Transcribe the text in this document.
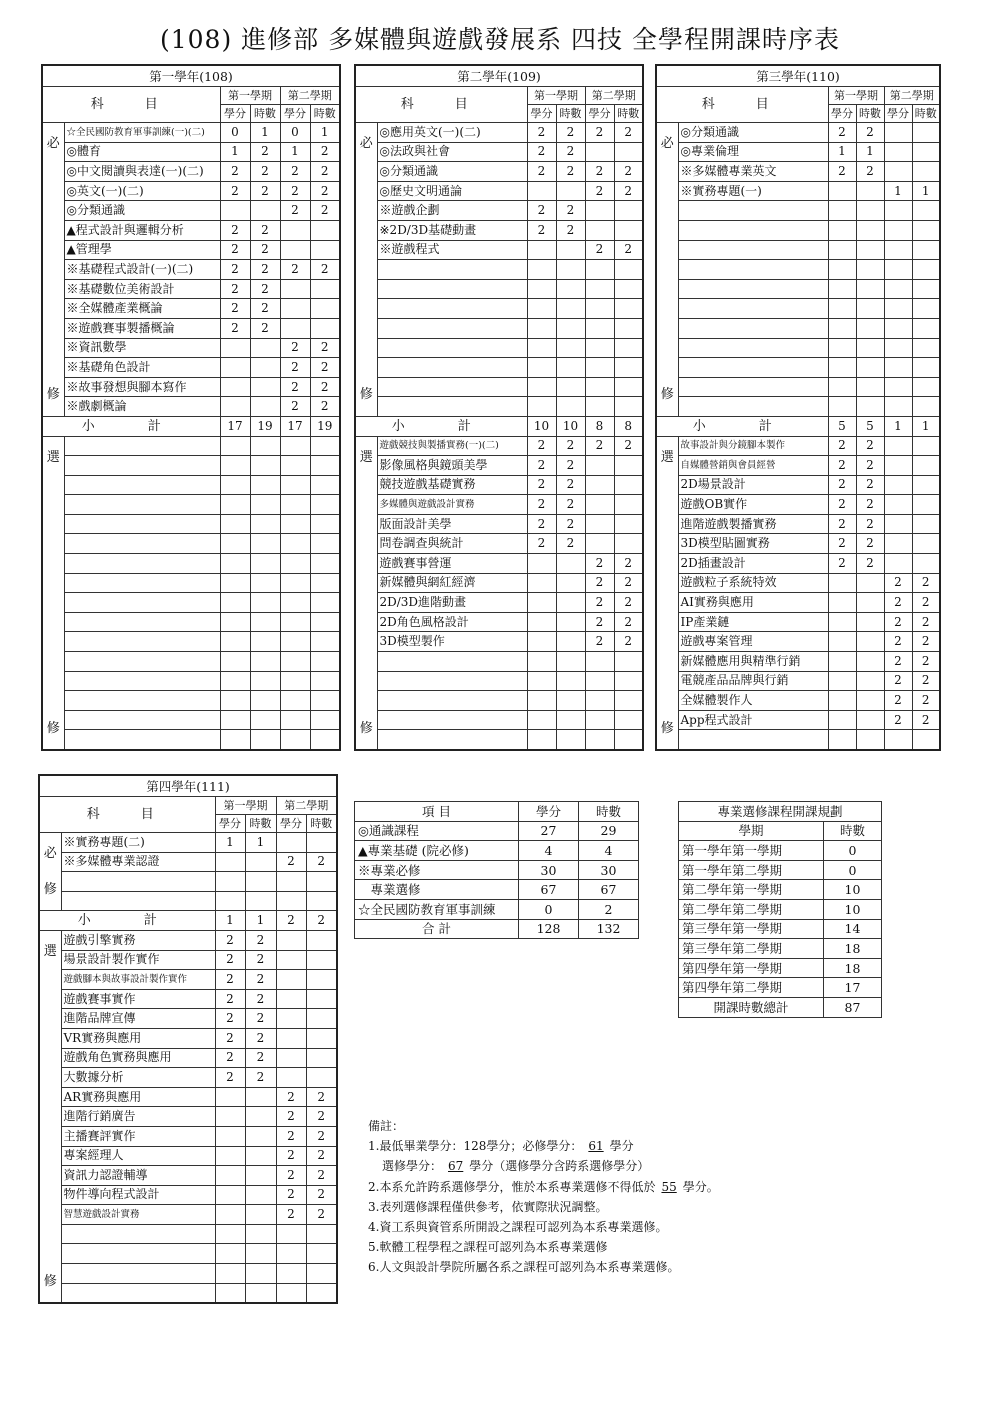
(108) 進修部 多媒體與遊戲發展系 四技 全學程開課時序表
第一學年(108)					
科　目		第一學期		第二學期	
		學分	時數	學分	時數

必
修	☆全民國防教育軍事訓練(一)(二)	0	1	0	1
	◎體育	1	2	1	2
	◎中文閱讀與表達(一)(二)	2	2	2	2
	◎英文(一)(二)	2	2	2	2
	◎分類通識			2	2
	▲程式設計與邏輯分析	2	2		
	▲管理學	2	2		
	※基礎程式設計(一)(二)	2	2	2	2
	※基礎數位美術設計	2	2		
	※全媒體產業概論	2	2		
	※遊戲賽事製播概論	2	2		
	※資訊數學			2	2
	※基礎角色設計			2	2
	※故事發想與腳本寫作			2	2
	※戲劇概論			2	2
小　計		17	19	17	19

選
修					

第二學年(109)					
科　目		第一學期		第二學期	
		學分	時數	學分	時數

必
修	◎應用英文(一)(二)	2	2	2	2
	◎法政與社會	2	2		
	◎分類通識	2	2	2	2
	◎歷史文明通論			2	2
	※遊戲企劃	2	2		
	※2D/3D基礎動畫	2	2		
	※遊戲程式			2	2

小　計		10	10	8	8

選
修	遊戲競技與製播實務(一)(二)	2	2	2	2
	影像風格與鏡頭美學	2	2		
	競技遊戲基礎實務	2	2		
	多媒體與遊戲設計實務	2	2		
	版面設計美學	2	2		
	問卷調查與統計	2	2		
	遊戲賽事營運			2	2
	新媒體與網紅經濟			2	2
	2D/3D進階動畫			2	2
	2D角色風格設計			2	2
	3D模型製作			2	2

第三學年(110)					
科　目		第一學期		第二學期	
		學分	時數	學分	時數

必
修	◎分類通識	2	2		
	◎專業倫理	1	1		
	※多媒體專業英文	2	2		
	※實務專題(一)			1	1

小　計		5	5	1	1

選
修	故事設計與分鏡腳本製作	2	2		
	自媒體營銷與會員經營	2	2		
	2D場景設計	2	2		
	遊戲OB實作	2	2		
	進階遊戲製播實務	2	2		
	3D模型貼圖實務	2	2		
	2D插畫設計	2	2		
	遊戲粒子系統特效			2	2
	AI實務與應用			2	2
	IP產業鏈			2	2
	遊戲專案管理			2	2
	新媒體應用與精準行銷			2	2
	電競產品品牌與行銷			2	2
	全媒體製作人			2	2
	App程式設計			2	2

第四學年(111)					
科　目		第一學期		第二學期	
		學分	時數	學分	時數

必
修	※實務專題(二)	1	1		
	※多媒體專業認證			2	2

小　計		1	1	2	2

選
修	遊戲引擎實務	2	2		
	場景設計製作實作	2	2		
	遊戲腳本與故事設計製作實作	2	2		
	遊戲賽事實作	2	2		
	進階品牌宣傳	2	2		
	VR實務與應用	2	2		
	遊戲角色實務與應用	2	2		
	大數據分析	2	2		
	AR實務與應用			2	2
	進階行銷廣告			2	2
	主播賽評實作			2	2
	專案經理人			2	2
	資訊力認證輔導			2	2
	物件導向程式設計			2	2
	智慧遊戲設計實務			2	2

項 目	學分	時數
◎通識課程	27	29
▲專業基礎 (院必修)	4	4
※專業必修	30	30
　專業選修	67	67
☆全民國防教育軍事訓練	0	2
合 計	128	132
專業選修課程開課規劃	
學期	時數
第一學年第一學期	0
第一學年第二學期	0
第二學年第一學期	10
第二學年第二學期	10
第三學年第一學期	14
第三學年第二學期	18
第四學年第一學期	18
第四學年第二學期	17
開課時數總計	87
備註：
1.最低畢業學分：128學分；必修學分： 61 學分
選修學分： 67 學分（選修學分含跨系選修學分）
2.本系允許跨系選修學分，惟於本系專業選修不得低於 55 學分。
3.表列選修課程僅供參考，依實際狀況調整。
4.資工系與資管系所開設之課程可認列為本系專業選修。
5.軟體工程學程之課程可認列為本系專業選修
6.人文與設計學院所屬各系之課程可認列為本系專業選修。
